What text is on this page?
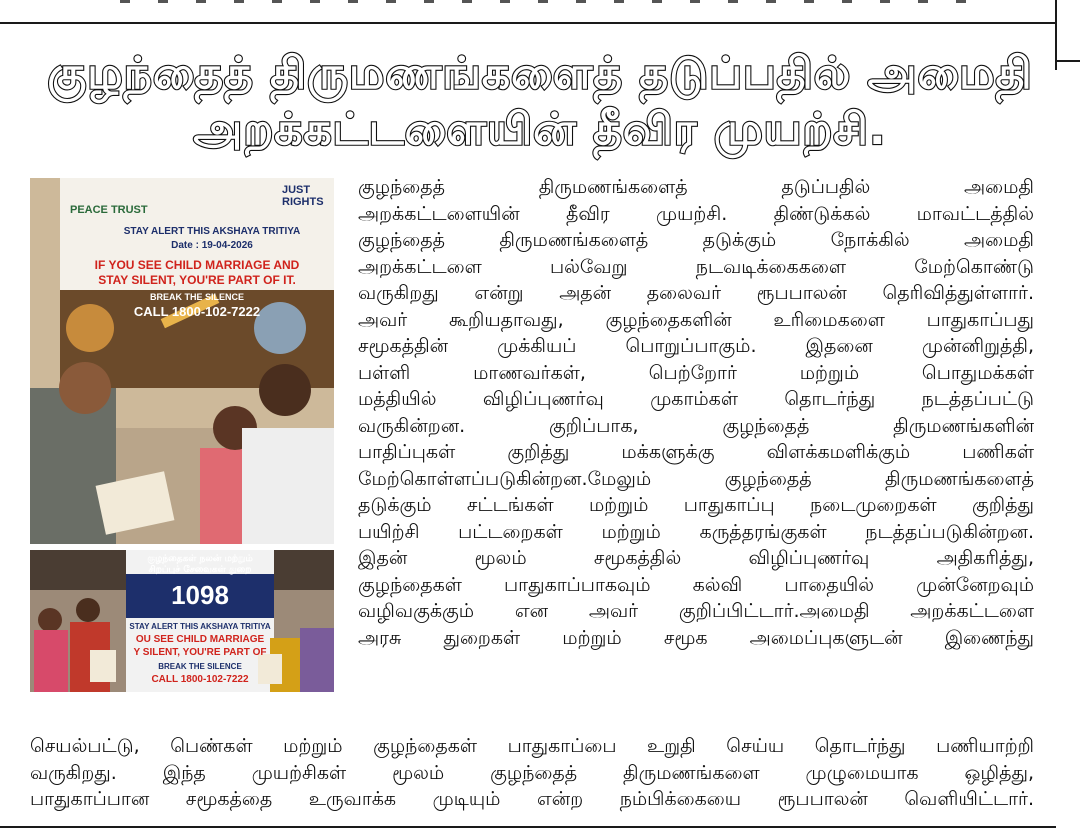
குழந்தைத் திருமணங்களைத் தடுப்பதில் அமைதி
அறக்கட்டளையின் தீவிர முயற்சி.
PEACE TRUST
JUST RIGHTS
STAY ALERT THIS AKSHAYA TRITIYA
Date : 19-04-2026
IF YOU SEE CHILD MARRIAGE AND
STAY SILENT, YOU'RE PART OF IT.
BREAK THE SILENCE
CALL 1800-102-7222
குழந்தைகள் நலன் மற்றும்
சிறப்புச் சேவைகள் துறை
1098
STAY ALERT THIS AKSHAYA TRITIYA
OU SEE CHILD MARRIAGE
Y SILENT, YOU'RE PART OF
BREAK THE SILENCE
CALL 1800-102-7222
குழந்தைத் திருமணங்களைத் தடுப்பதில் அமைதி
அறக்கட்டளையின் தீவிர முயற்சி. திண்டுக்கல் மாவட்டத்தில்
குழந்தைத் திருமணங்களைத் தடுக்கும் நோக்கில் அமைதி
அறக்கட்டளை பல்வேறு நடவடிக்கைகளை மேற்கொண்டு
வருகிறது என்று அதன் தலைவர் ரூபபாலன் தெரிவித்துள்ளார்.
அவர் கூறியதாவது, குழந்தைகளின் உரிமைகளை பாதுகாப்பது
சமூகத்தின் முக்கியப் பொறுப்பாகும். இதனை முன்னிறுத்தி,
பள்ளி மாணவர்கள், பெற்றோர் மற்றும் பொதுமக்கள்
மத்தியில் விழிப்புணர்வு முகாம்கள் தொடர்ந்து நடத்தப்பட்டு
வருகின்றன. குறிப்பாக, குழந்தைத் திருமணங்களின்
பாதிப்புகள் குறித்து மக்களுக்கு விளக்கமளிக்கும் பணிகள்
மேற்கொள்ளப்படுகின்றன.மேலும் குழந்தைத் திருமணங்களைத்
தடுக்கும் சட்டங்கள் மற்றும் பாதுகாப்பு நடைமுறைகள் குறித்து
பயிற்சி பட்டறைகள் மற்றும் கருத்தரங்குகள் நடத்தப்படுகின்றன.
இதன் மூலம் சமூகத்தில் விழிப்புணர்வு அதிகரித்து,
குழந்தைகள் பாதுகாப்பாகவும் கல்வி பாதையில் முன்னேறவும்
வழிவகுக்கும் என அவர் குறிப்பிட்டார்.அமைதி அறக்கட்டளை
அரசு துறைகள் மற்றும் சமூக அமைப்புகளுடன் இணைந்து
செயல்பட்டு, பெண்கள் மற்றும் குழந்தைகள் பாதுகாப்பை உறுதி செய்ய தொடர்ந்து பணியாற்றி
வருகிறது. இந்த முயற்சிகள் மூலம் குழந்தைத் திருமணங்களை முழுமையாக ஒழித்து,
பாதுகாப்பான சமூகத்தை உருவாக்க முடியும் என்ற நம்பிக்கையை ரூபபாலன் வெளியிட்டார்.
